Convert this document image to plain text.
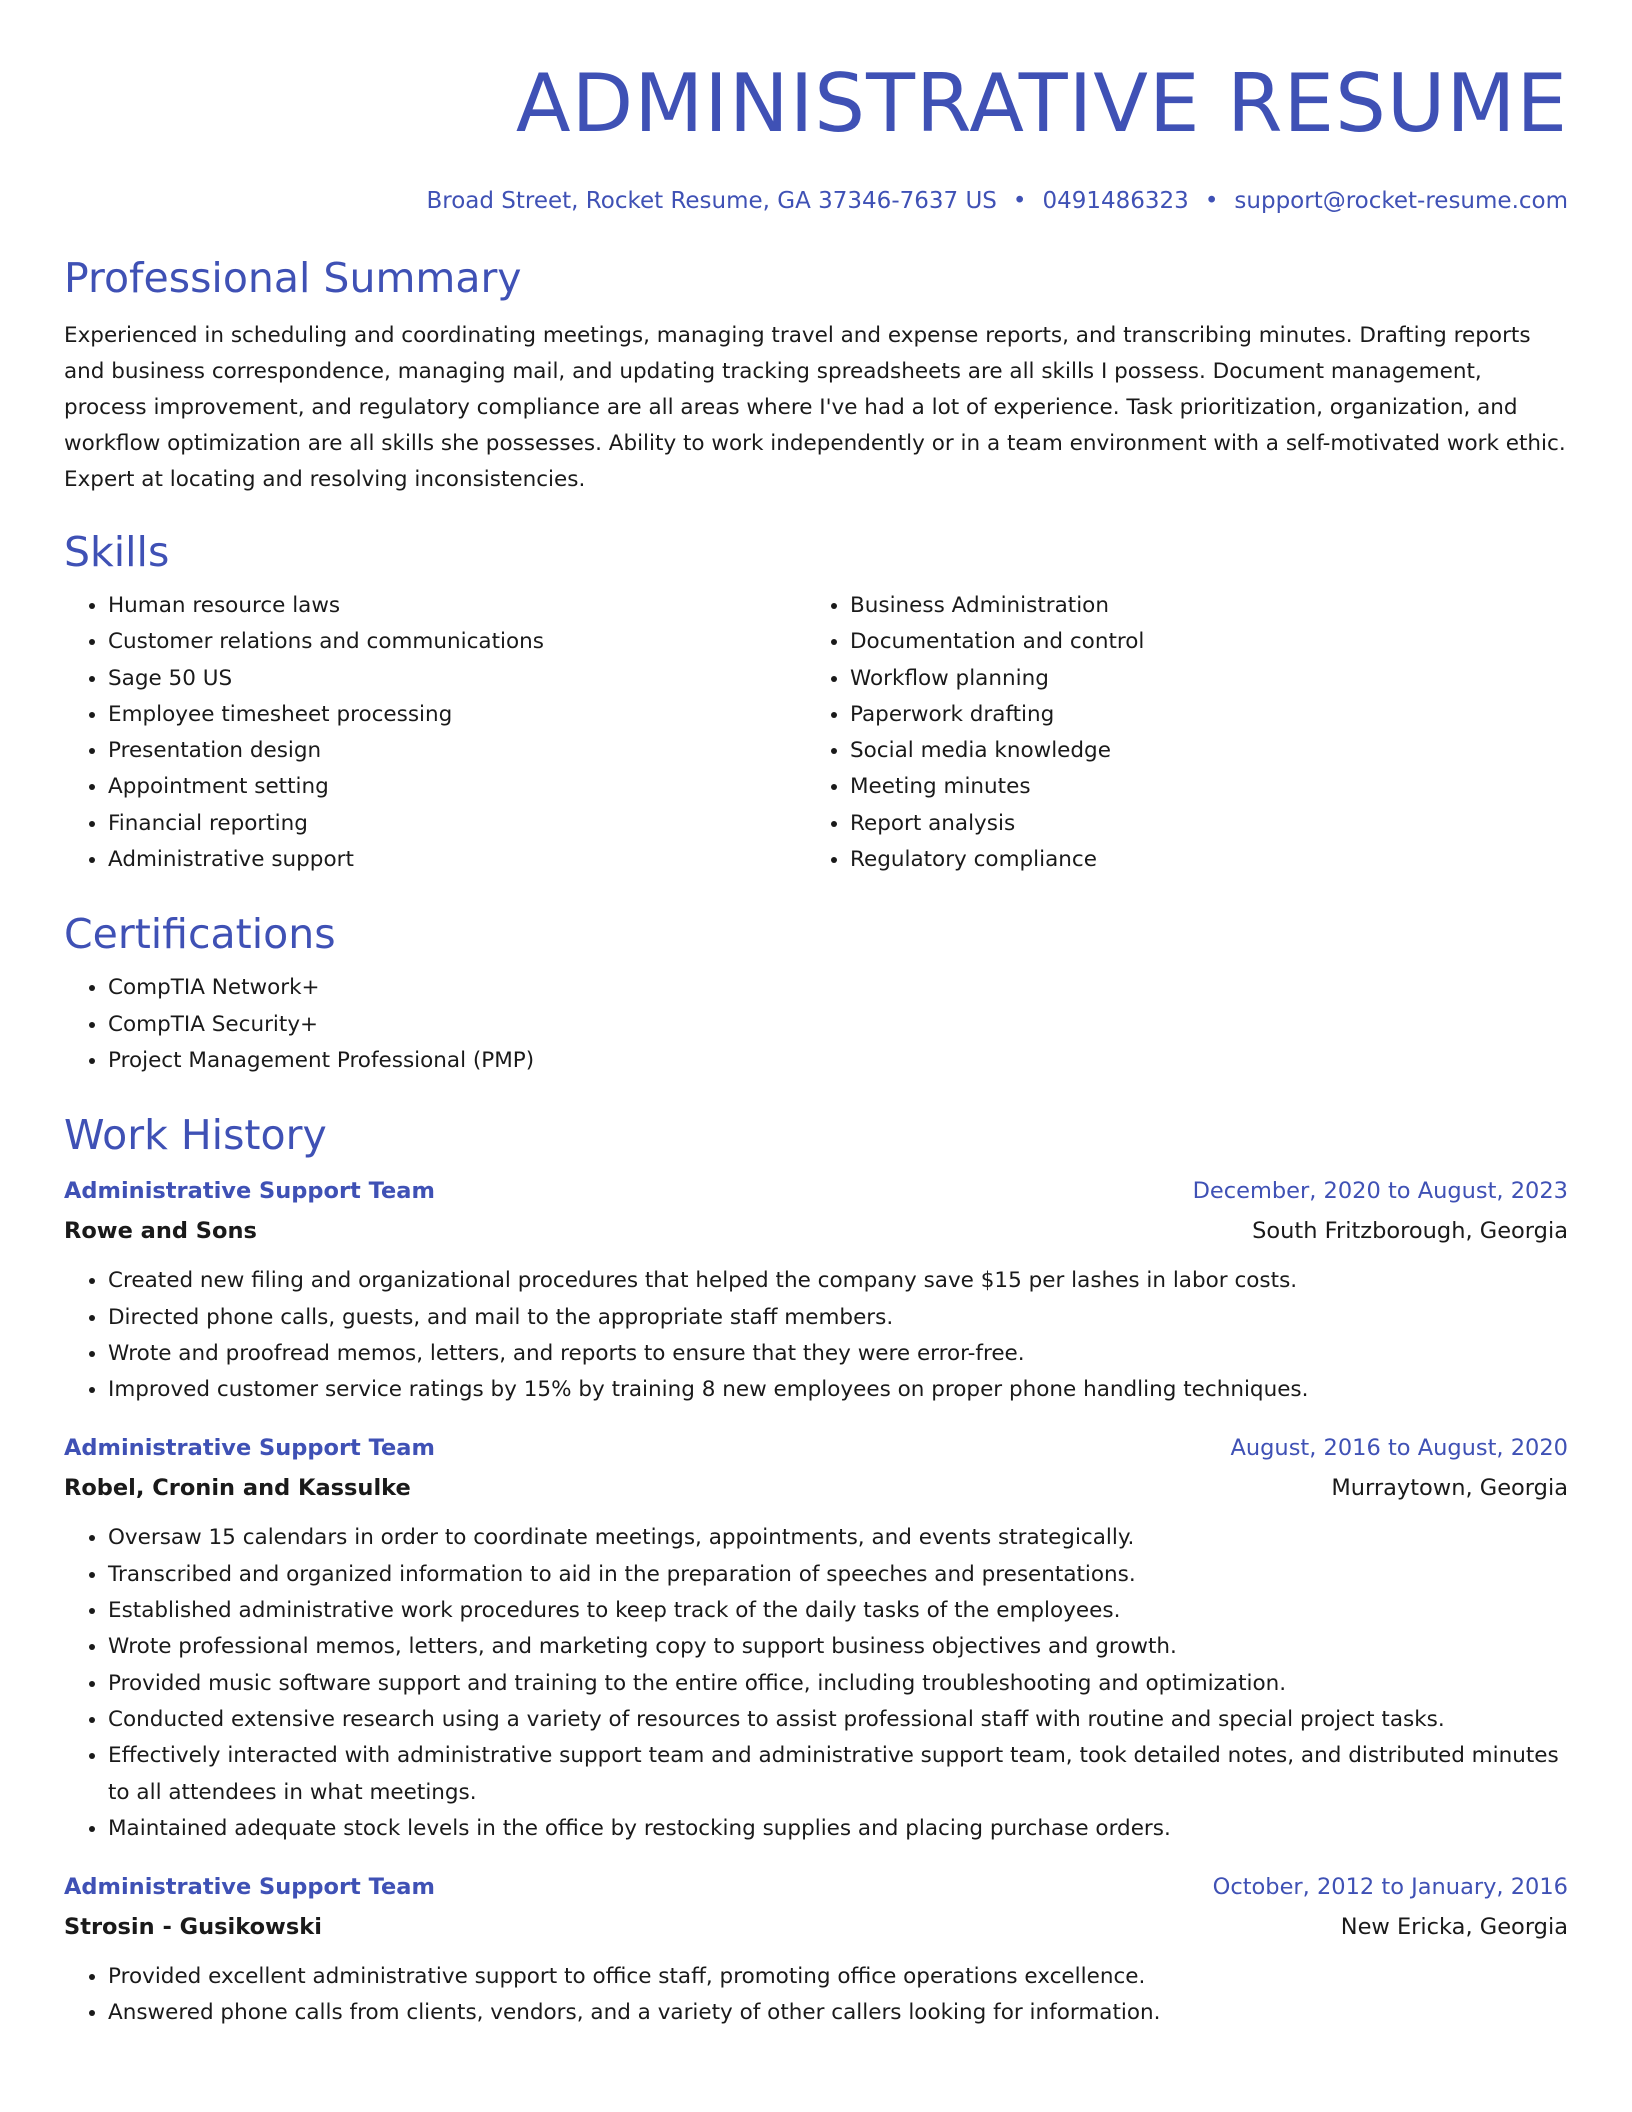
ADMINISTRATIVE RESUME
Broad Street, Rocket Resume, GA 37346-7637 US • 0491486323 • support@rocket-resume.com
Professional Summary

Experienced in scheduling and coordinating meetings, managing travel and expense reports, and transcribing minutes. Drafting reports and business correspondence, managing mail, and updating tracking spreadsheets are all skills I possess. Document management, process improvement, and regulatory compliance are all areas where I've had a lot of experience. Task prioritization, organization, and workflow optimization are all skills she possesses. Ability to work independently or in a team environment with a self-motivated work ethic. Expert at locating and resolving inconsistencies.

Skills
• Human resource laws
• Customer relations and communications
• Sage 50 US
• Employee timesheet processing
• Presentation design
• Appointment setting
• Financial reporting
• Administrative support
• Business Administration
• Documentation and control
• Workflow planning
• Paperwork drafting
• Social media knowledge
• Meeting minutes
• Report analysis
• Regulatory compliance
Certifications
• CompTIA Network+
• CompTIA Security+
• Project Management Professional (PMP)
Work History
Administrative Support Team	December, 2020 to August, 2023
Rowe and Sons	South Fritzborough, Georgia
• Created new filing and organizational procedures that helped the company save $15 per lashes in labor costs.
• Directed phone calls, guests, and mail to the appropriate staff members.
• Wrote and proofread memos, letters, and reports to ensure that they were error-free.
• Improved customer service ratings by 15% by training 8 new employees on proper phone handling techniques.
Administrative Support Team	August, 2016 to August, 2020
Robel, Cronin and Kassulke	Murraytown, Georgia
• Oversaw 15 calendars in order to coordinate meetings, appointments, and events strategically.
• Transcribed and organized information to aid in the preparation of speeches and presentations.
• Established administrative work procedures to keep track of the daily tasks of the employees.
• Wrote professional memos, letters, and marketing copy to support business objectives and growth.
• Provided music software support and training to the entire office, including troubleshooting and optimization.
• Conducted extensive research using a variety of resources to assist professional staff with routine and special project tasks.
• Effectively interacted with administrative support team and administrative support team, took detailed notes, and distributed minutes to all attendees in what meetings.
• Maintained adequate stock levels in the office by restocking supplies and placing purchase orders.
Administrative Support Team	October, 2012 to January, 2016
Strosin - Gusikowski	New Ericka, Georgia
• Provided excellent administrative support to office staff, promoting office operations excellence.
• Answered phone calls from clients, vendors, and a variety of other callers looking for information.
